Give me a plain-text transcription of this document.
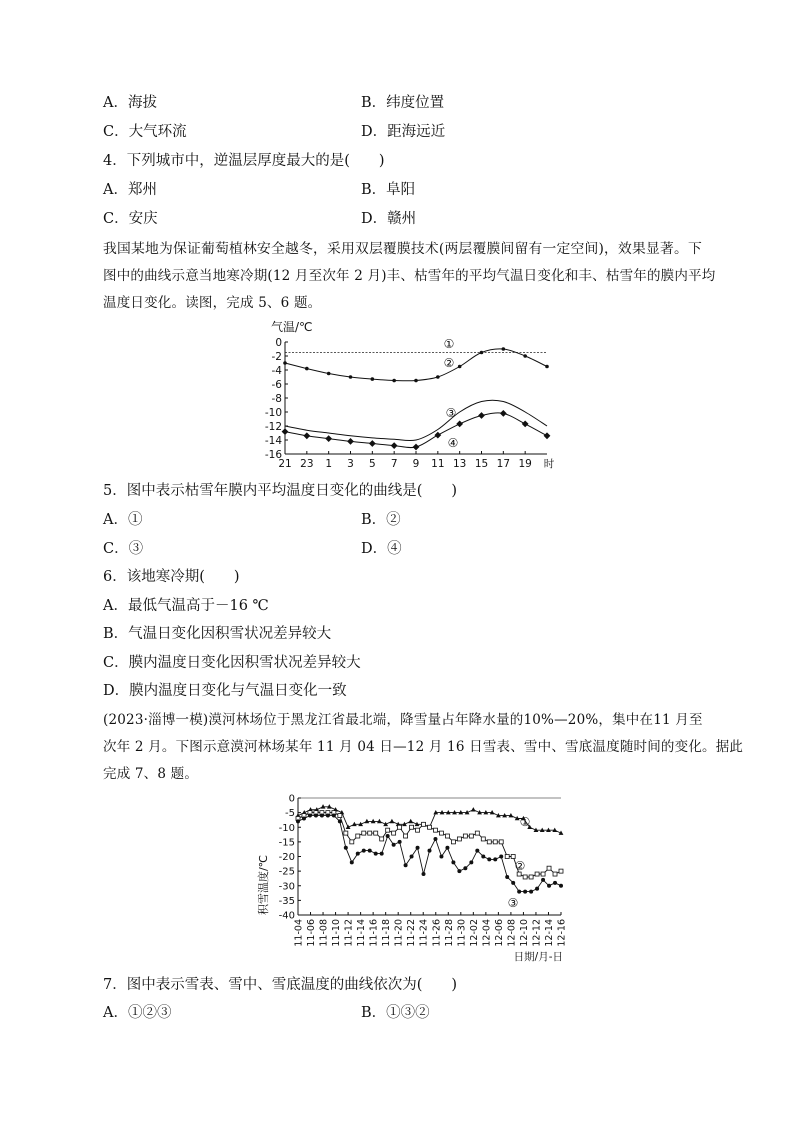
A．海拔	B．纬度位置
C．大气环流	D．距海远近
4．下列城市中，逆温层厚度最大的是(　　)
A．郑州	B．阜阳
C．安庆	D．赣州
我国某地为保证葡萄植林安全越冬，采用双层覆膜技术(两层覆膜间留有一定空间)，效果显著。下
图中的曲线示意当地寒冷期(12 月至次年 2 月)丰、枯雪年的平均气温日变化和丰、枯雪年的膜内平均
温度日变化。读图，完成 5、6 题。
气温/℃
0
-2
-4
-6
-8
-10
-12
-14
-16
21 23 1 3 5 7 9 11 13 15 17 19 时
①
②
③
④
5．图中表示枯雪年膜内平均温度日变化的曲线是(　　)
A．①	B．②
C．③	D．④
6．该地寒冷期(　　)
A．最低气温高于－16 ℃
B．气温日变化因积雪状况差异较大
C．膜内温度日变化因积雪状况差异较大
D．膜内温度日变化与气温日变化一致
(2023·淄博一模)漠河林场位于黑龙江省最北端，降雪量占年降水量的10%—20%，集中在11 月至
次年 2 月。下图示意漠河林场某年 11 月 04 日—12 月 16 日雪表、雪中、雪底温度随时间的变化。据此
完成 7、8 题。
积雪温度/℃
0
-5
-10
-15
-20
-25
-30
-35
-40
11-04 11-06 11-08 11-10 11-12 11-14 11-16 11-18 11-20 11-22 11-24 11-26 11-28 11-30 12-02 12-04 12-06 12-08 12-10 12-12 12-14 12-16
①
②
③
日期/月-日
7．图中表示雪表、雪中、雪底温度的曲线依次为(　　)
A．①②③	B．①③②
